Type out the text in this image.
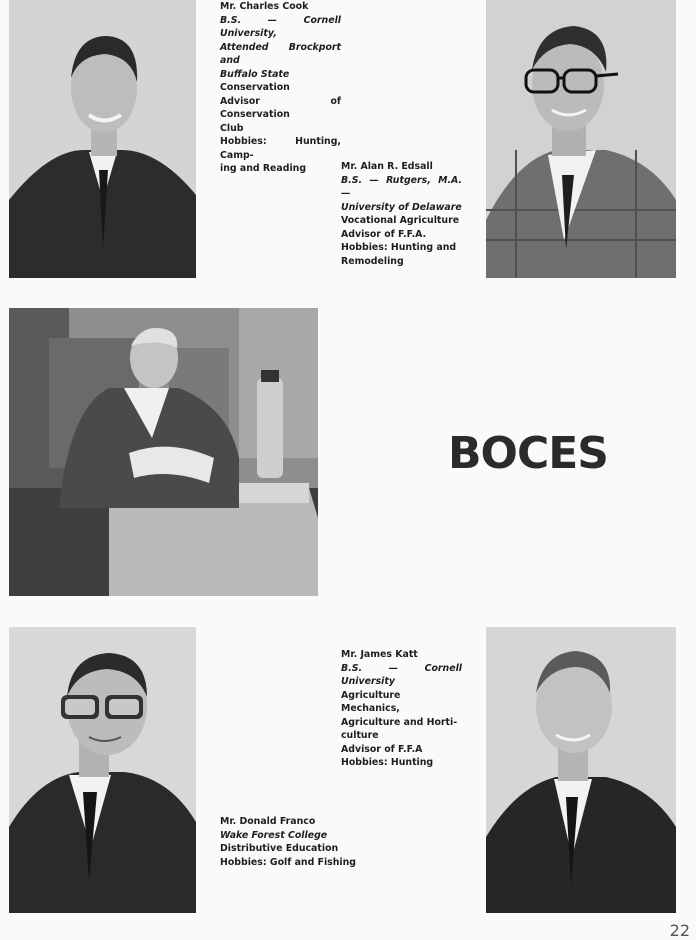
Mr. Charles Cook
B.S. — Cornell University,
Attended Brockport and
Buffalo State
Conservation
Advisor of Conservation
Club
Hobbies: Hunting, Camp-
ing and Reading	Mr. Alan R. Edsall
B.S. — Rutgers, M.A. —
University of Delaware
Vocational Agriculture
Advisor of F.F.A.
Hobbies: Hunting and
Remodeling
BOCES
Mr. James Katt
B.S. — Cornell University
Agriculture Mechanics,
Agriculture and Horti-
culture
Advisor of F.F.A
Hobbies: Hunting
Mr. Donald Franco
Wake Forest College
Distributive Education
Hobbies: Golf and Fishing
22
